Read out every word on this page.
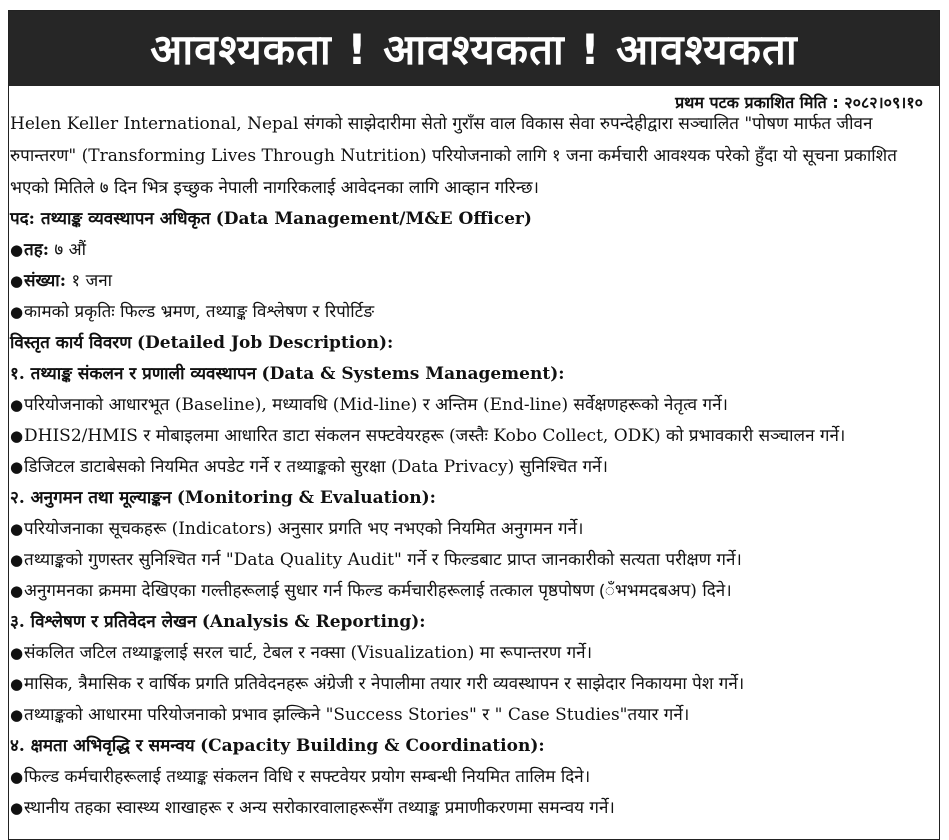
आवश्यकता ! आवश्यकता ! आवश्यकता
प्रथम पटक प्रकाशित मिति : २०८२।०९।१०

Helen Keller International, Nepal संगको साझेदारीमा सेतो गुराँस वाल विकास सेवा रुपन्देहीद्वारा सञ्चालित "पोषण मार्फत जीवन रुपान्तरण" (Transforming Lives Through Nutrition) परियोजनाको लागि १ जना कर्मचारी आवश्यक परेको हुँदा यो सूचना प्रकाशित भएको मितिले ७ दिन भित्र इच्छुक नेपाली नागरिकलाई आवेदनका लागि आव्हान गरिन्छ।

पद: तथ्याङ्क व्यवस्थापन अधिकृत (Data Management/M&E Officer)
●तह: ७ औं
●संख्या: १ जना
●कामको प्रकृतिः फिल्ड भ्रमण, तथ्याङ्क विश्लेषण र रिपोर्टिङ
विस्तृत कार्य विवरण (Detailed Job Description):
१. तथ्याङ्क संकलन र प्रणाली व्यवस्थापन (Data & Systems Management):
●परियोजनाको आधारभूत (Baseline), मध्यावधि (Mid-line) र अन्तिम (End-line) सर्वेक्षणहरूको नेतृत्व गर्ने।
●DHIS2/HMIS र मोबाइलमा आधारित डाटा संकलन सफ्टवेयरहरू (जस्तैः Kobo Collect, ODK) को प्रभावकारी सञ्चालन गर्ने।
●डिजिटल डाटाबेसको नियमित अपडेट गर्ने र तथ्याङ्कको सुरक्षा (Data Privacy) सुनिश्चित गर्ने।
२. अनुगमन तथा मूल्याङ्कन (Monitoring & Evaluation):
●परियोजनाका सूचकहरू (Indicators) अनुसार प्रगति भए नभएको नियमित अनुगमन गर्ने।
●तथ्याङ्कको गुणस्तर सुनिश्चित गर्न "Data Quality Audit" गर्ने र फिल्डबाट प्राप्त जानकारीको सत्यता परीक्षण गर्ने।
●अनुगमनका क्रममा देखिएका गल्तीहरूलाई सुधार गर्न फिल्ड कर्मचारीहरूलाई तत्काल पृष्ठपोषण (ँभभमदबअप) दिने।
३. विश्लेषण र प्रतिवेदन लेखन (Analysis & Reporting):
●संकलित जटिल तथ्याङ्कलाई सरल चार्ट, टेबल र नक्सा (Visualization) मा रूपान्तरण गर्ने।
●मासिक, त्रैमासिक र वार्षिक प्रगति प्रतिवेदनहरू अंग्रेजी र नेपालीमा तयार गरी व्यवस्थापन र साझेदार निकायमा पेश गर्ने।
●तथ्याङ्कको आधारमा परियोजनाको प्रभाव झल्किने "Success Stories" र " Case Studies"तयार गर्ने।
४. क्षमता अभिवृद्धि र समन्वय (Capacity Building & Coordination):
●फिल्ड कर्मचारीहरूलाई तथ्याङ्क संकलन विधि र सफ्टवेयर प्रयोग सम्बन्धी नियमित तालिम दिने।
●स्थानीय तहका स्वास्थ्य शाखाहरू र अन्य सरोकारवालाहरूसँग तथ्याङ्क प्रमाणीकरणमा समन्वय गर्ने।
